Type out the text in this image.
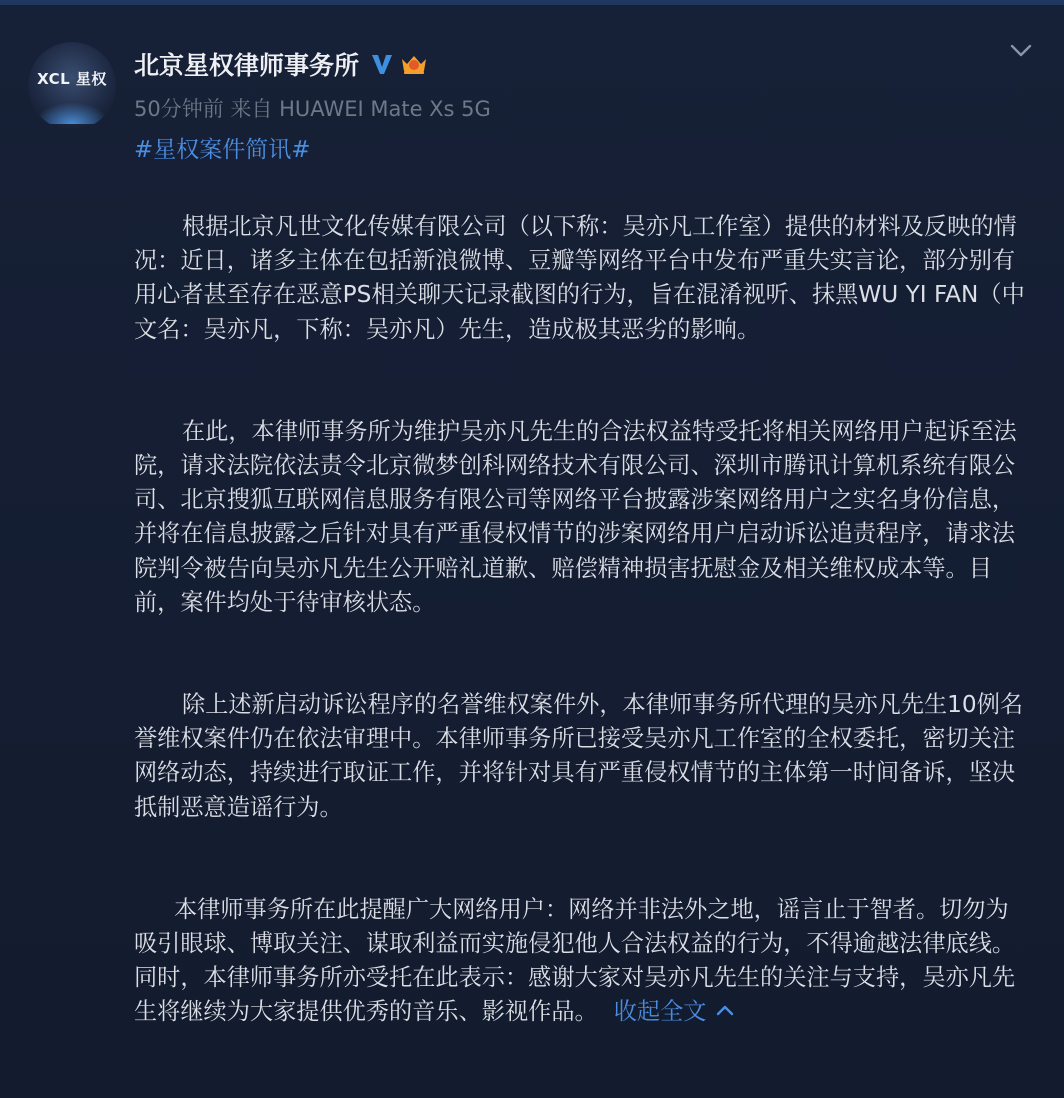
XCL 星权	北京星权律师事务所
50分钟前 来自 HUAWEI Mate Xs 5G
#星权案件简讯#

根据北京凡世文化传媒有限公司（以下称：吴亦凡工作室）提供的材料及反映的情况：近日，诸多主体在包括新浪微博、豆瓣等网络平台中发布严重失实言论，部分别有用心者甚至存在恶意PS相关聊天记录截图的行为，旨在混淆视听、抹黑WU YI FAN（中文名：吴亦凡，下称：吴亦凡）先生，造成极其恶劣的影响。

在此，本律师事务所为维护吴亦凡先生的合法权益特受托将相关网络用户起诉至法院，请求法院依法责令北京微梦创科网络技术有限公司、深圳市腾讯计算机系统有限公司、北京搜狐互联网信息服务有限公司等网络平台披露涉案网络用户之实名身份信息，并将在信息披露之后针对具有严重侵权情节的涉案网络用户启动诉讼追责程序，请求法院判令被告向吴亦凡先生公开赔礼道歉、赔偿精神损害抚慰金及相关维权成本等。目前，案件均处于待审核状态。

除上述新启动诉讼程序的名誉维权案件外，本律师事务所代理的吴亦凡先生10例名誉维权案件仍在依法审理中。本律师事务所已接受吴亦凡工作室的全权委托，密切关注网络动态，持续进行取证工作，并将针对具有严重侵权情节的主体第一时间备诉，坚决抵制恶意造谣行为。

本律师事务所在此提醒广大网络用户：网络并非法外之地，谣言止于智者。切勿为吸引眼球、博取关注、谋取利益而实施侵犯他人合法权益的行为，不得逾越法律底线。同时，本律师事务所亦受托在此表示：感谢大家对吴亦凡先生的关注与支持，吴亦凡先生将继续为大家提供优秀的音乐、影视作品。 收起全文
